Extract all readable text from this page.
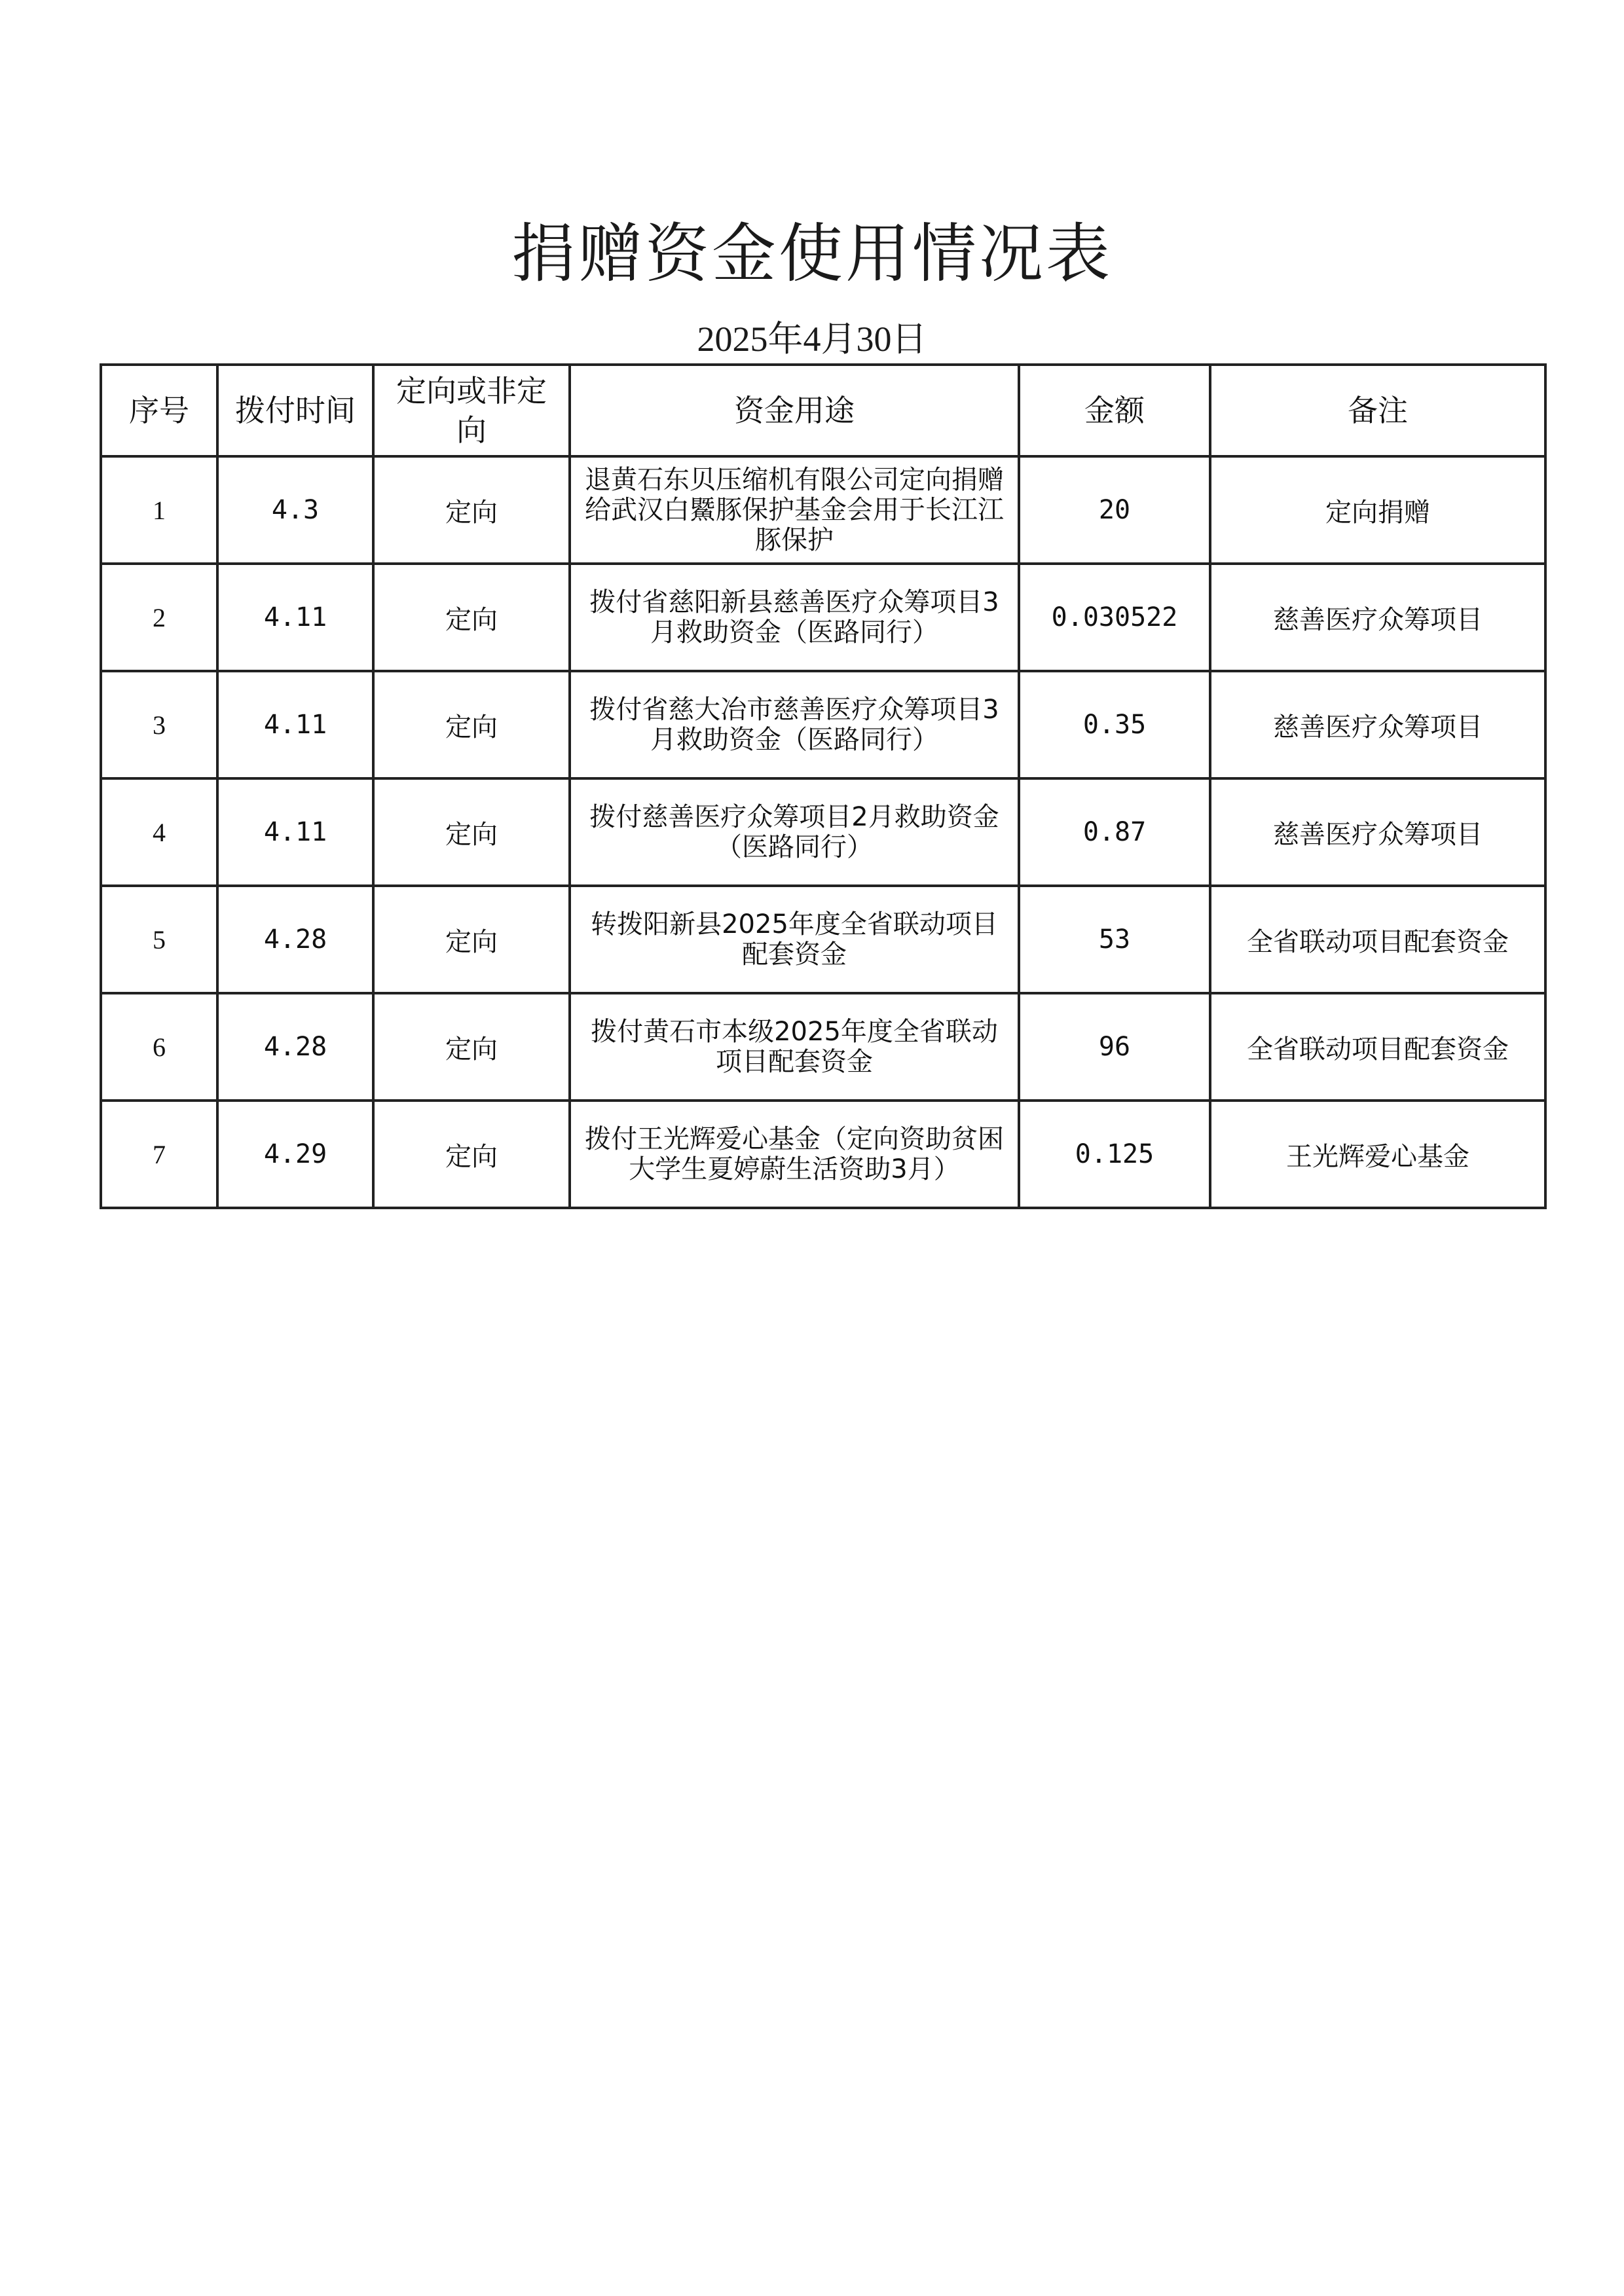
捐赠资金使用情况表
2025年4月30日
序号	拨付时间	定向或非定向	资金用途	金额	备注
1	4.3	定向	退黄石东贝压缩机有限公司定向捐赠给武汉白鱀豚保护基金会用于长江江豚保护	20	定向捐赠
2	4.11	定向	拨付省慈阳新县慈善医疗众筹项目3月救助资金（医路同行）	0.030522	慈善医疗众筹项目
3	4.11	定向	拨付省慈大冶市慈善医疗众筹项目3月救助资金（医路同行）	0.35	慈善医疗众筹项目
4	4.11	定向	拨付慈善医疗众筹项目2月救助资金（医路同行）	0.87	慈善医疗众筹项目
5	4.28	定向	转拨阳新县2025年度全省联动项目配套资金	53	全省联动项目配套资金
6	4.28	定向	拨付黄石市本级2025年度全省联动项目配套资金	96	全省联动项目配套资金
7	4.29	定向	拨付王光辉爱心基金（定向资助贫困大学生夏婷蔚生活资助3月）	0.125	王光辉爱心基金
